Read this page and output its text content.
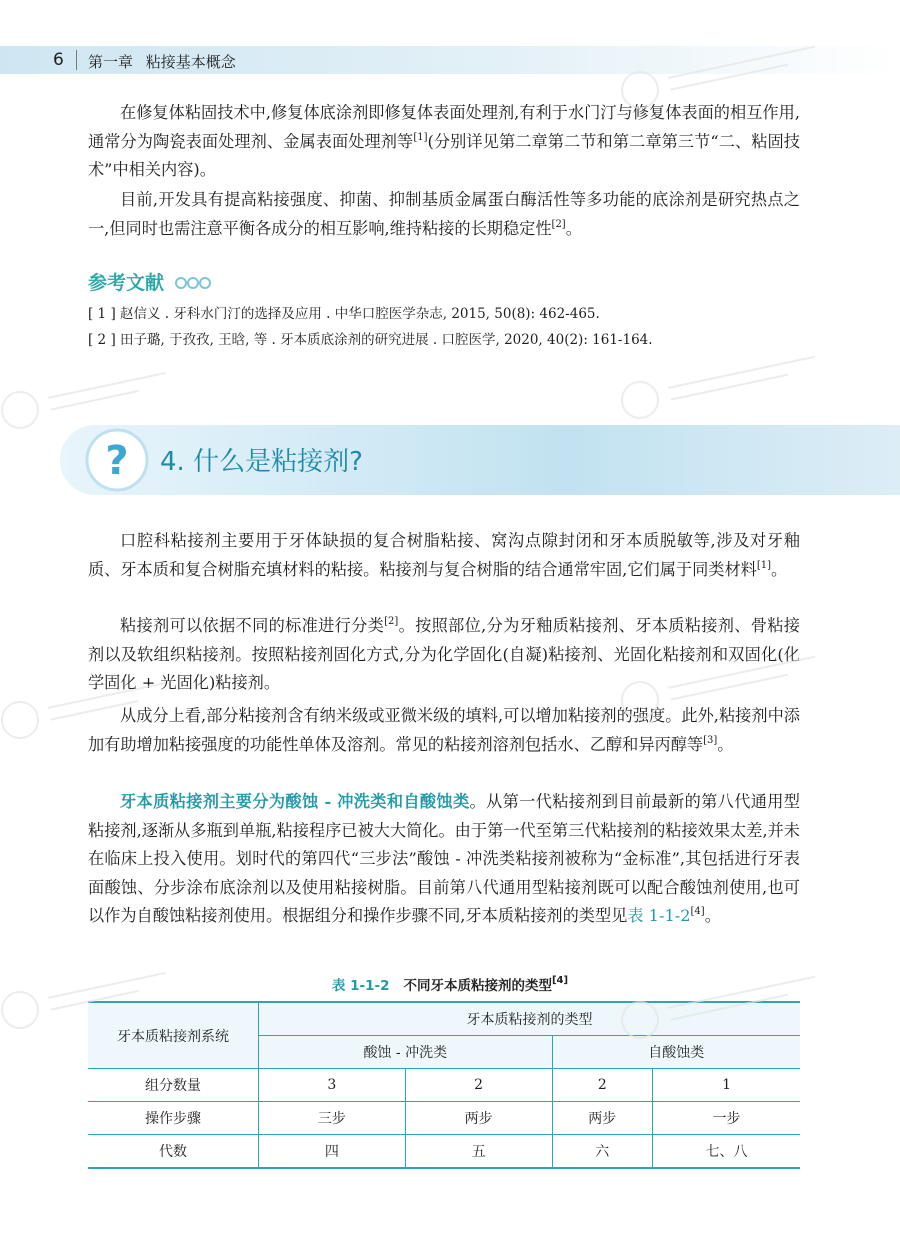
6 第一章 粘接基本概念

在修复体粘固技术中,修复体底涂剂即修复体表面处理剂,有利于水门汀与修复体表面的相互作用,通常分为陶瓷表面处理剂、金属表面处理剂等[1](分别详见第二章第二节和第二章第三节“二、粘固技术”中相关内容)。

目前,开发具有提高粘接强度、抑菌、抑制基质金属蛋白酶活性等多功能的底涂剂是研究热点之一,但同时也需注意平衡各成分的相互影响,维持粘接的长期稳定性[2]。

参考文献
[ 1 ] 赵信义 . 牙科水门汀的选择及应用 . 中华口腔医学杂志, 2015, 50(8): 462-465.
[ 2 ] 田子璐, 于孜孜, 王晗, 等 . 牙本质底涂剂的研究进展 . 口腔医学, 2020, 40(2): 161-164.
? 4. 什么是粘接剂?

口腔科粘接剂主要用于牙体缺损的复合树脂粘接、窝沟点隙封闭和牙本质脱敏等,涉及对牙釉质、牙本质和复合树脂充填材料的粘接。粘接剂与复合树脂的结合通常牢固,它们属于同类材料[1]。

粘接剂可以依据不同的标准进行分类[2]。按照部位,分为牙釉质粘接剂、牙本质粘接剂、骨粘接剂以及软组织粘接剂。按照粘接剂固化方式,分为化学固化(自凝)粘接剂、光固化粘接剂和双固化(化学固化 + 光固化)粘接剂。

从成分上看,部分粘接剂含有纳米级或亚微米级的填料,可以增加粘接剂的强度。此外,粘接剂中添加有助增加粘接强度的功能性单体及溶剂。常见的粘接剂溶剂包括水、乙醇和异丙醇等[3]。

牙本质粘接剂主要分为酸蚀 - 冲洗类和自酸蚀类。从第一代粘接剂到目前最新的第八代通用型粘接剂,逐渐从多瓶到单瓶,粘接程序已被大大简化。由于第一代至第三代粘接剂的粘接效果太差,并未在临床上投入使用。划时代的第四代“三步法”酸蚀 - 冲洗类粘接剂被称为“金标准”,其包括进行牙表面酸蚀、分步涂布底涂剂以及使用粘接树脂。目前第八代通用型粘接剂既可以配合酸蚀剂使用,也可以作为自酸蚀粘接剂使用。根据组分和操作步骤不同,牙本质粘接剂的类型见表 1-1-2[4]。

表 1-1-2 不同牙本质粘接剂的类型[4]
牙本质粘接剂系统	牙本质粘接剂的类型			
	酸蚀 - 冲洗类		自酸蚀类	
组分数量	3	2	2	1
操作步骤	三步	两步	两步	一步
代数	四	五	六	七、八
